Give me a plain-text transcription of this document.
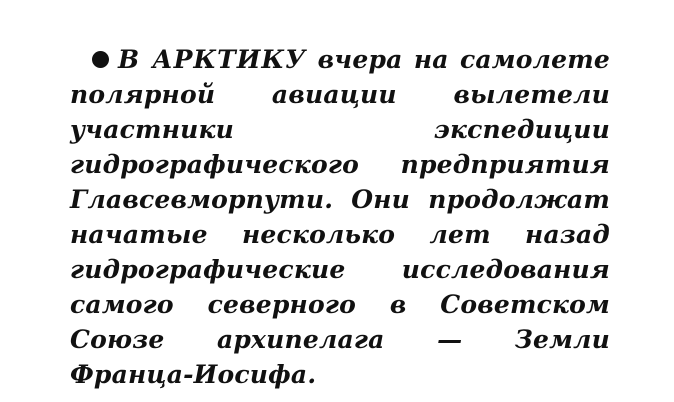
В АРКТИКУ вчера на самолете полярной авиации вылетели участники экспедиции гидрографического предприятия Главсевморпути. Они продолжат начатые несколько лет назад гидрографические исследования самого северного в Советском Союзе архипелага — Земли Франца-Иосифа.
